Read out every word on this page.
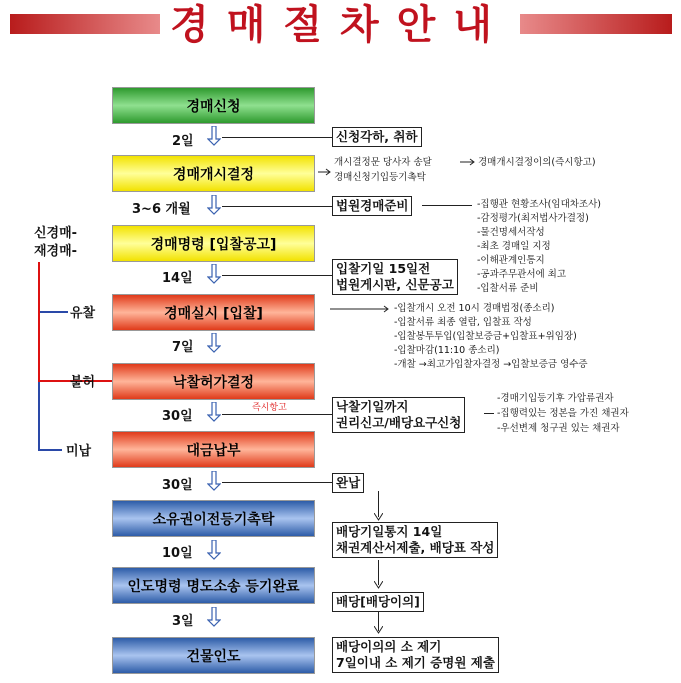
경매절차안내
경매신청
경매개시결정
경매명령 [입찰공고]
경매실시 [입찰]
낙찰허가결정
대금납부
소유권이전등기촉탁
인도명령 명도소송 등기완료
건물인도
2일
3~6 개월
14일
7일
30일
30일
10일
3일
신청각하, 취하
법원경매준비
입찰기일 15일전
법원게시판, 신문공고
낙찰기일까지
권리신고/배당요구신청
완납
배당기일통지 14일
채권계산서제출, 배당표 작성
배당[배당이의]
배당이의의 소 제기
7일이내 소 제기 증명원 제출
개시결정문 당사자 송달
경매신청기입등기촉탁
경매개시결정이의(즉시항고)
-집행관 현황조사(임대차조사)
-감정평가(최저법사가결정)
-물건명세서작성
-최초 경매일 지정
-이해관계인통지
-공과주무관서에 최고
-입찰서류 준비
-입찰개시 오전 10시 경매법정(종소리)
-입찰서류 최종 열람, 입찰표 작성
-입찰봉투투입(입찰보증금+입찰표+위임장)
-입찰마감(11:10 종소리)
-개찰 →최고가입찰자결정 →입찰보증금 영수증
즉시항고
-경매기입등기후 가압류권자
-집행력있는 정본을 가진 채권자
-우선변제 청구권 있는 채권자
신경매-
재경매-
유찰
불허
미납
